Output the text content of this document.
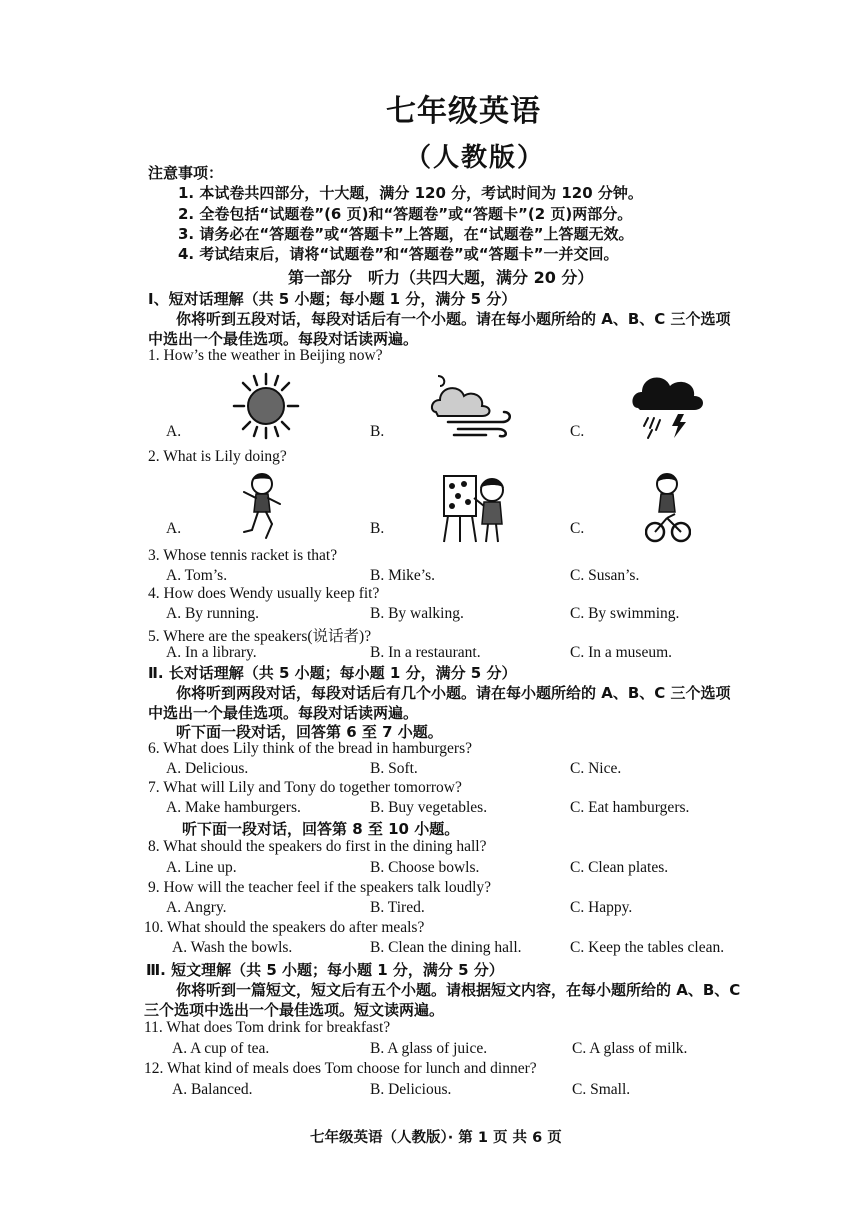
七年级英语
（人教版）
注意事项：
1. 本试卷共四部分，十大题，满分 120 分，考试时间为 120 分钟。
2. 全卷包括“试题卷”(6 页)和“答题卷”或“答题卡”(2 页)两部分。
3. 请务必在“答题卷”或“答题卡”上答题，在“试题卷”上答题无效。
4. 考试结束后，请将“试题卷”和“答题卷”或“答题卡”一并交回。
第一部分　听力（共四大题，满分 20 分）
Ⅰ、短对话理解（共 5 小题；每小题 1 分，满分 5 分）
你将听到五段对话，每段对话后有一个小题。请在每小题所给的 A、B、C 三个选项
中选出一个最佳选项。每段对话读两遍。
1. How’s the weather in Beijing now?
A.	B.	C.
2. What is Lily doing?
A.	B.	C.
3. Whose tennis racket is that?
A. Tom’s.	B. Mike’s.	C. Susan’s.
4. How does Wendy usually keep fit?
A. By running.	B. By walking.	C. By swimming.
5. Where are the speakers(说话者)?
A. In a library.	B. In a restaurant.	C. In a museum.
Ⅱ. 长对话理解（共 5 小题；每小题 1 分，满分 5 分）
你将听到两段对话，每段对话后有几个小题。请在每小题所给的 A、B、C 三个选项
中选出一个最佳选项。每段对话读两遍。
听下面一段对话，回答第 6 至 7 小题。
6. What does Lily think of the bread in hamburgers?
A. Delicious.	B. Soft.	C. Nice.
7. What will Lily and Tony do together tomorrow?
A. Make hamburgers.	B. Buy vegetables.	C. Eat hamburgers.
听下面一段对话，回答第 8 至 10 小题。
8. What should the speakers do first in the dining hall?
A. Line up.	B. Choose bowls.	C. Clean plates.
9. How will the teacher feel if the speakers talk loudly?
A. Angry.	B. Tired.	C. Happy.
10. What should the speakers do after meals?
A. Wash the bowls.	B. Clean the dining hall.	C. Keep the tables clean.
Ⅲ. 短文理解（共 5 小题；每小题 1 分，满分 5 分）
你将听到一篇短文，短文后有五个小题。请根据短文内容，在每小题所给的 A、B、C
三个选项中选出一个最佳选项。短文读两遍。
11. What does Tom drink for breakfast?
A. A cup of tea.	B. A glass of juice.	C. A glass of milk.
12. What kind of meals does Tom choose for lunch and dinner?
A. Balanced.	B. Delicious.	C. Small.
七年级英语（人教版）· 第 1 页 共 6 页
